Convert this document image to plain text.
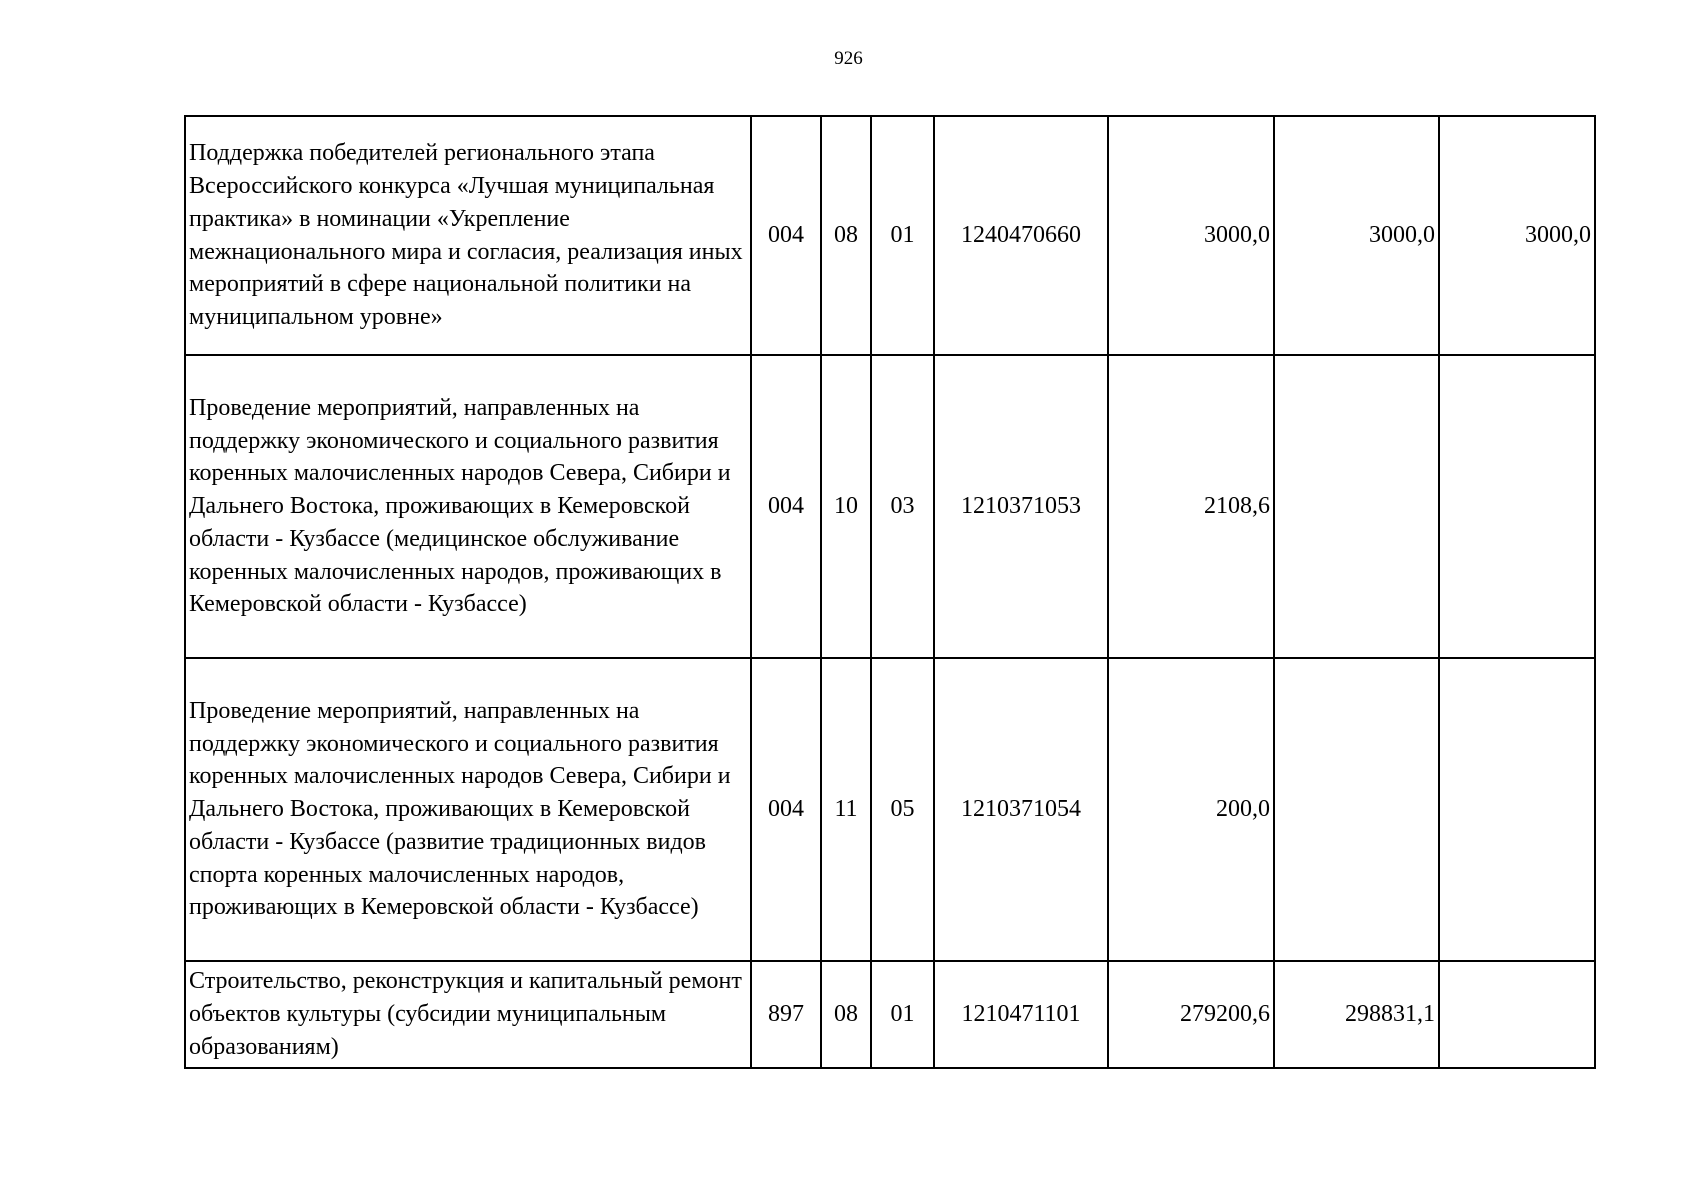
926
Поддержка победителей регионального этапа Всероссийского конкурса «Лучшая муниципальная практика» в номинации «Укрепление межнационального мира и согласия, реализация иных мероприятий в сфере национальной политики на муниципальном уровне»	004	08	01	1240470660	3000,0	3000,0	3000,0
Проведение мероприятий, направленных на поддержку экономического и социального развития коренных малочисленных народов Севера, Сибири и Дальнего Востока, проживающих в Кемеровской области - Кузбассе (медицинское обслуживание коренных малочисленных народов, проживающих в Кемеровской области - Кузбассе)	004	10	03	1210371053	2108,6		
Проведение мероприятий, направленных на поддержку экономического и социального развития коренных малочисленных народов Севера, Сибири и Дальнего Востока, проживающих в Кемеровской области - Кузбассе (развитие традиционных видов спорта коренных малочисленных народов, проживающих в Кемеровской области - Кузбассе)	004	11	05	1210371054	200,0		
Строительство, реконструкция и капитальный ремонт объектов культуры (субсидии муниципальным образованиям)	897	08	01	1210471101	279200,6	298831,1	
